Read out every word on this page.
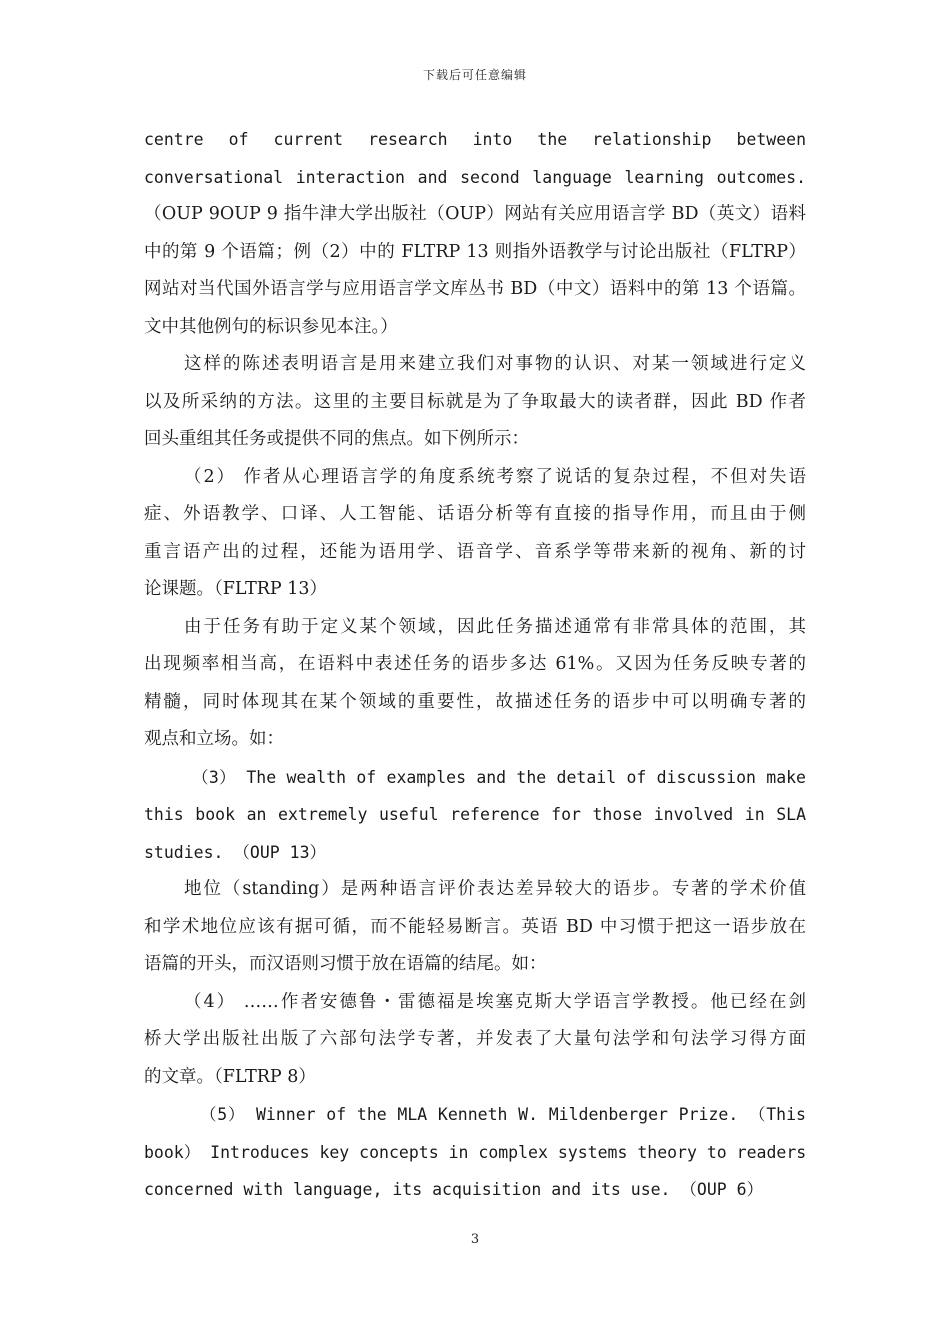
下载后可任意编辑
centre of current research into the relationship between
conversational interaction and second language learning outcomes.
（OUP 9OUP 9 指牛津大学出版社（OUP）网站有关应用语言学 BD（英文）语料
中的第 9 个语篇；例（2）中的 FLTRP 13 则指外语教学与讨论出版社（FLTRP）
网站对当代国外语言学与应用语言学文库丛书 BD（中文）语料中的第 13 个语篇。
文中其他例句的标识参见本注。）
这样的陈述表明语言是用来建立我们对事物的认识、对某一领域进行定义
以及所采纳的方法。这里的主要目标就是为了争取最大的读者群，因此 BD 作者
回头重组其任务或提供不同的焦点。如下例所示：
（2） 作者从心理语言学的角度系统考察了说话的复杂过程，不但对失语
症、外语教学、口译、人工智能、话语分析等有直接的指导作用，而且由于侧
重言语产出的过程，还能为语用学、语音学、音系学等带来新的视角、新的讨
论课题。（FLTRP 13）
由于任务有助于定义某个领域，因此任务描述通常有非常具体的范围，其
出现频率相当高，在语料中表述任务的语步多达 61%。又因为任务反映专著的
精髓，同时体现其在某个领域的重要性，故描述任务的语步中可以明确专著的
观点和立场。如：
（3） The wealth of examples and the detail of discussion make
this book an extremely useful reference for those involved in SLA
studies. （OUP 13）
地位（standing）是两种语言评价表达差异较大的语步。专著的学术价值
和学术地位应该有据可循，而不能轻易断言。英语 BD 中习惯于把这一语步放在
语篇的开头，而汉语则习惯于放在语篇的结尾。如：
（4） ……作者安德鲁・雷德福是埃塞克斯大学语言学教授。他已经在剑
桥大学出版社出版了六部句法学专著，并发表了大量句法学和句法学习得方面
的文章。（FLTRP 8）
（5） Winner of the MLA Kenneth W. Mildenberger Prize. （This
book） Introduces key concepts in complex systems theory to readers
concerned with language, its acquisition and its use. （OUP 6）
3
